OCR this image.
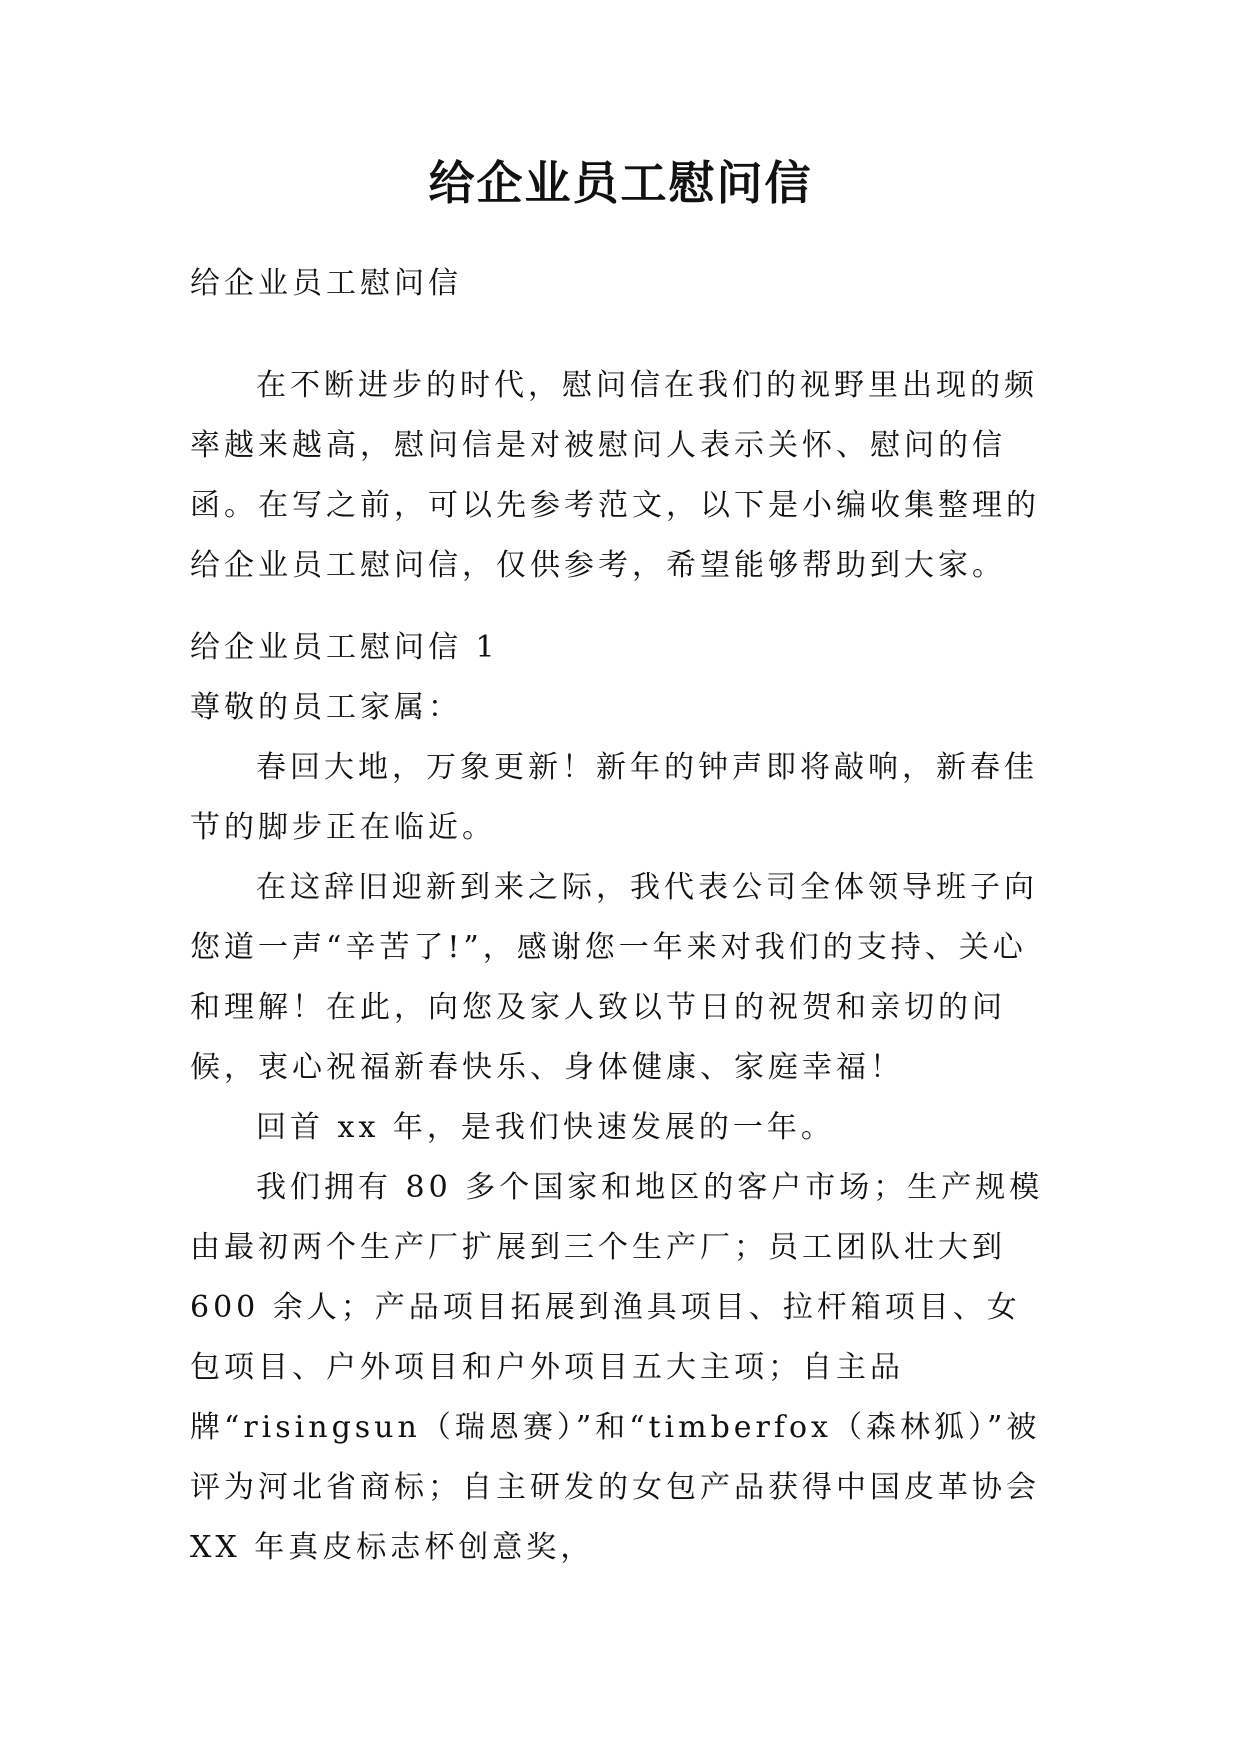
给企业员工慰问信

给企业员工慰问信

在不断进步的时代，慰问信在我们的视野里出现的频率越来越高，慰问信是对被慰问人表示关怀、慰问的信函。在写之前，可以先参考范文，以下是小编收集整理的给企业员工慰问信，仅供参考，希望能够帮助到大家。

给企业员工慰问信 1

尊敬的员工家属：

春回大地，万象更新！新年的钟声即将敲响，新春佳节的脚步正在临近。

在这辞旧迎新到来之际，我代表公司全体领导班子向您道一声“辛苦了!”，感谢您一年来对我们的支持、关心和理解！在此，向您及家人致以节日的祝贺和亲切的问候，衷心祝福新春快乐、身体健康、家庭幸福！

回首 xx 年，是我们快速发展的一年。

我们拥有 80 多个国家和地区的客户市场；生产规模由最初两个生产厂扩展到三个生产厂；员工团队壮大到 600 余人；产品项目拓展到渔具项目、拉杆箱项目、女包项目、户外项目和户外项目五大主项；自主品牌“risingsun（瑞恩赛）”和“timberfox（森林狐）”被评为河北省商标；自主研发的女包产品获得中国皮革协会 XX 年真皮标志杯创意奖，
